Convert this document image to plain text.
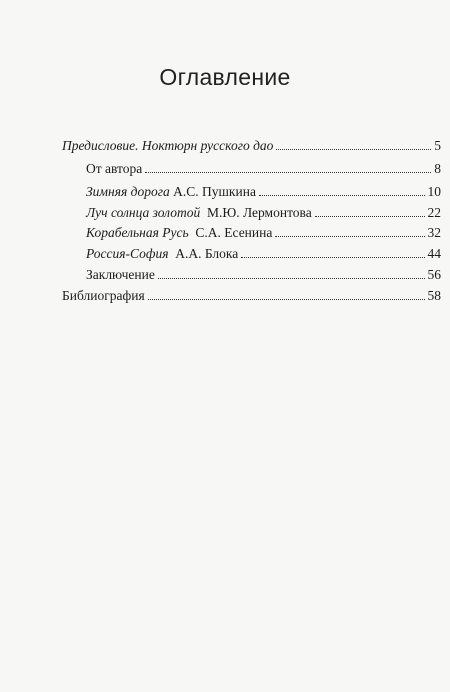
Оглавление
Предисловие. Ноктюрн русского дао	5
От автора	8
Зимняя дорога А.С. Пушкина	10
Луч солнца золотой  М.Ю. Лермонтова	22
Корабельная Русь  С.А. Есенина	32
Россия-София  А.А. Блока	44
Заключение	56
Библиография	58
